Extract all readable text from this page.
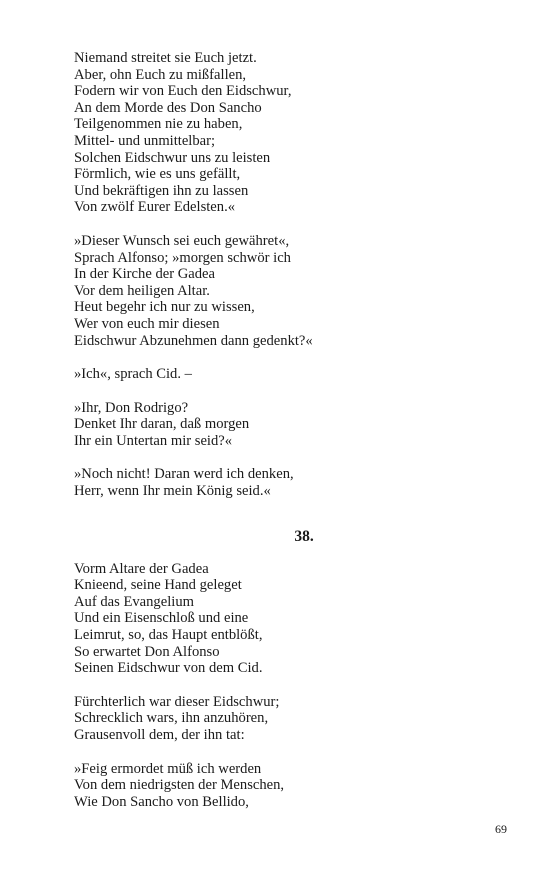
Niemand streitet sie Euch jetzt.
Aber, ohn Euch zu mißfallen,
Fodern wir von Euch den Eidschwur,
An dem Morde des Don Sancho
Teilgenommen nie zu haben,
Mittel- und unmittelbar;
Solchen Eidschwur uns zu leisten
Förmlich, wie es uns gefällt,
Und bekräftigen ihn zu lassen
Von zwölf Eurer Edelsten.«
»Dieser Wunsch sei euch gewähret«,
Sprach Alfonso; »morgen schwör ich
In der Kirche der Gadea
Vor dem heiligen Altar.
Heut begehr ich nur zu wissen,
Wer von euch mir diesen
Eidschwur Abzunehmen dann gedenkt?«
»Ich«, sprach Cid. –
»Ihr, Don Rodrigo?
Denket Ihr daran, daß morgen
Ihr ein Untertan mir seid?«
»Noch nicht! Daran werd ich denken,
Herr, wenn Ihr mein König seid.«
38.
Vorm Altare der Gadea
Knieend, seine Hand geleget
Auf das Evangelium
Und ein Eisenschloß und eine
Leimrut, so, das Haupt entblößt,
So erwartet Don Alfonso
Seinen Eidschwur von dem Cid.
Fürchterlich war dieser Eidschwur;
Schrecklich wars, ihn anzuhören,
Grausenvoll dem, der ihn tat:
»Feig ermordet müß ich werden
Von dem niedrigsten der Menschen,
Wie Don Sancho von Bellido,
69
